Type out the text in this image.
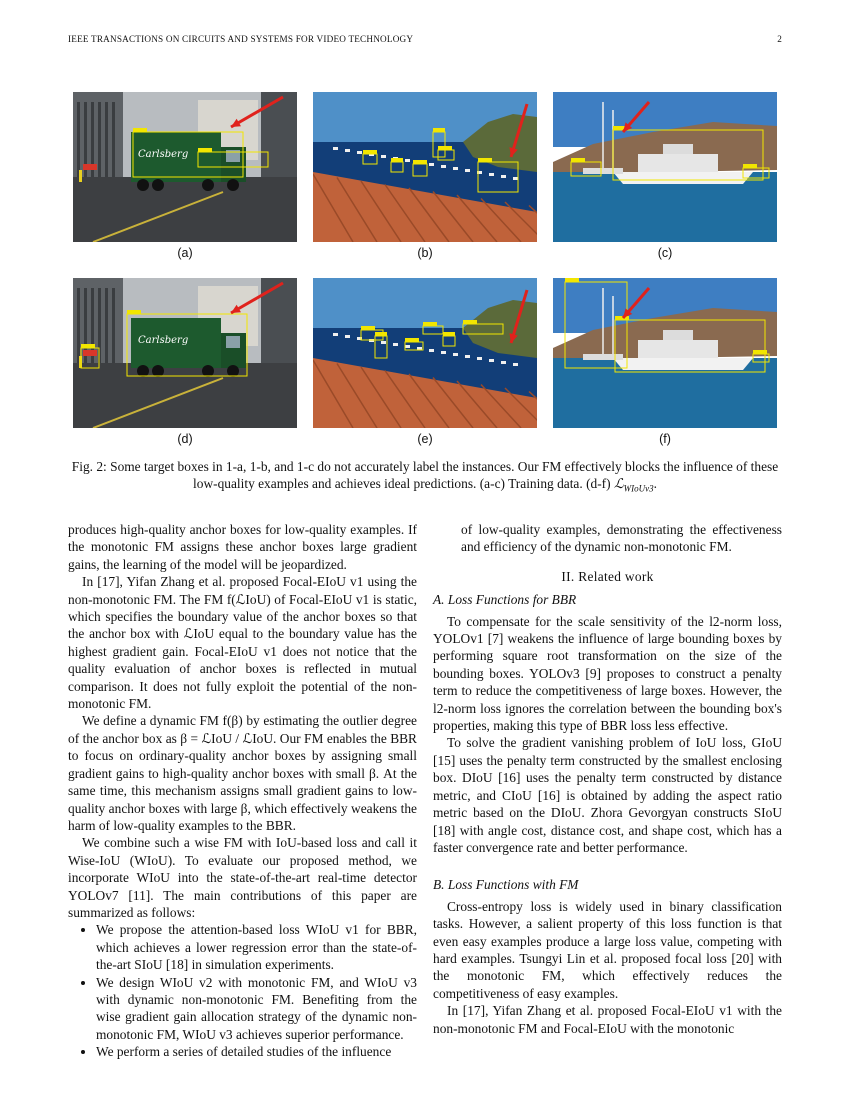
IEEE TRANSACTIONS ON CIRCUITS AND SYSTEMS FOR VIDEO TECHNOLOGY	2
Carlsberg
Carlsberg
(a)	(b)	(c)
(d)	(e)	(f)
Fig. 2: Some target boxes in 1-a, 1-b, and 1-c do not accurately label the instances. Our FM effectively blocks the influence of these low-quality examples and achieves ideal predictions. (a-c) Training data. (d-f) ℒ$_{WIoUv3}$.

produces high-quality anchor boxes for low-quality examples. If the monotonic FM assigns these anchor boxes large gradient gains, the learning of the model will be jeopardized.

In [17], Yifan Zhang et al. proposed Focal-EIoU v1 using the non-monotonic FM. The FM f(ℒIoU) of Focal-EIoU v1 is static, which specifies the boundary value of the anchor boxes so that the anchor box with ℒIoU equal to the boundary value has the highest gradient gain. Focal-EIoU v1 does not notice that the quality evaluation of anchor boxes is reflected in mutual comparison. It does not fully exploit the potential of the non-monotonic FM.

We define a dynamic FM f(β) by estimating the outlier degree of the anchor box as β = ℒIoU / ℒIoU. Our FM enables the BBR to focus on ordinary-quality anchor boxes by assigning small gradient gains to high-quality anchor boxes with small β. At the same time, this mechanism assigns small gradient gains to low-quality anchor boxes with large β, which effectively weakens the harm of low-quality examples to the BBR.

We combine such a wise FM with IoU-based loss and call it Wise-IoU (WIoU). To evaluate our proposed method, we incorporate WIoU into the state-of-the-art real-time detector YOLOv7 [11]. The main contributions of this paper are summarized as follows:

• We propose the attention-based loss WIoU v1 for BBR, which achieves a lower regression error than the state-of-the-art SIoU [18] in simulation experiments.
• We design WIoU v2 with monotonic FM, and WIoU v3 with dynamic non-monotonic FM. Benefiting from the wise gradient gain allocation strategy of the dynamic non-monotonic FM, WIoU v3 achieves superior performance.
• We perform a series of detailed studies of the influence

of low-quality examples, demonstrating the effectiveness and efficiency of the dynamic non-monotonic FM.

II. Related work
A. Loss Functions for BBR

To compensate for the scale sensitivity of the l2-norm loss, YOLOv1 [7] weakens the influence of large bounding boxes by performing square root transformation on the size of the bounding boxes. YOLOv3 [9] proposes to construct a penalty term to reduce the competitiveness of large boxes. However, the l2-norm loss ignores the correlation between the bounding box's properties, making this type of BBR loss less effective.

To solve the gradient vanishing problem of IoU loss, GIoU [15] uses the penalty term constructed by the smallest enclosing box. DIoU [16] uses the penalty term constructed by distance metric, and CIoU [16] is obtained by adding the aspect ratio metric based on the DIoU. Zhora Gevorgyan constructs SIoU [18] with angle cost, distance cost, and shape cost, which has a faster convergence rate and better performance.

B. Loss Functions with FM

Cross-entropy loss is widely used in binary classification tasks. However, a salient property of this loss function is that even easy examples produce a large loss value, competing with hard examples. Tsungyi Lin et al. proposed focal loss [20] with the monotonic FM, which effectively reduces the competitiveness of easy examples.

In [17], Yifan Zhang et al. proposed Focal-EIoU v1 with the non-monotonic FM and Focal-EIoU with the monotonic
